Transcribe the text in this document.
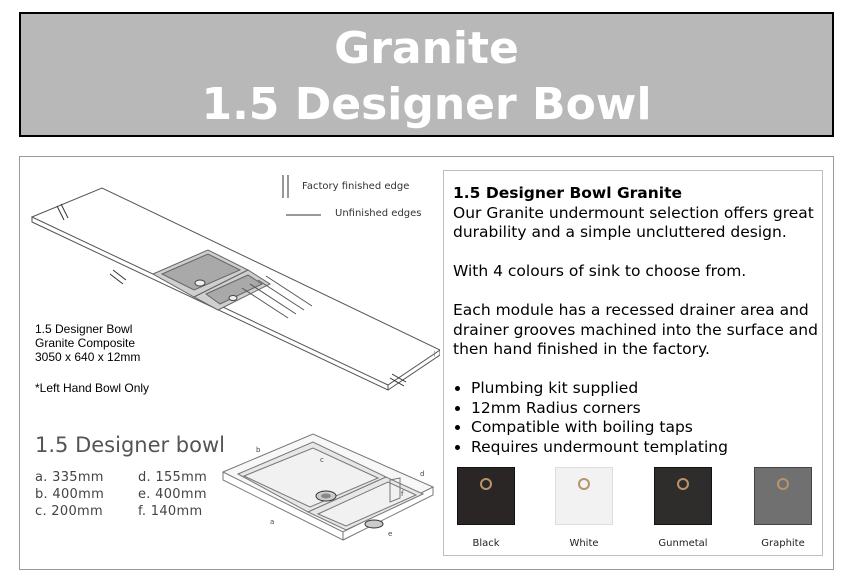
Granite
1.5 Designer Bowl
|
Factory finished edge
Unfinished edges
1.5 Designer Bowl
Granite Composite
3050 x 640 x 12mm
*Left Hand Bowl Only
1.5 Designer bowl
a. 335mm
b. 400mm
c. 200mm
d. 155mm
e. 400mm
f. 140mm
b
c
d
f
a
e

1.5 Designer Bowl Granite

Our Granite undermount selection offers great durability and a simple uncluttered design.

With 4 colours of sink to choose from.

Each module has a recessed drainer area and drainer grooves machined into the surface and then hand finished in the factory.

• Plumbing kit supplied
• 12mm Radius corners
• Compatible with boiling taps
• Requires undermount templating
Black	White	Gunmetal	Graphite
